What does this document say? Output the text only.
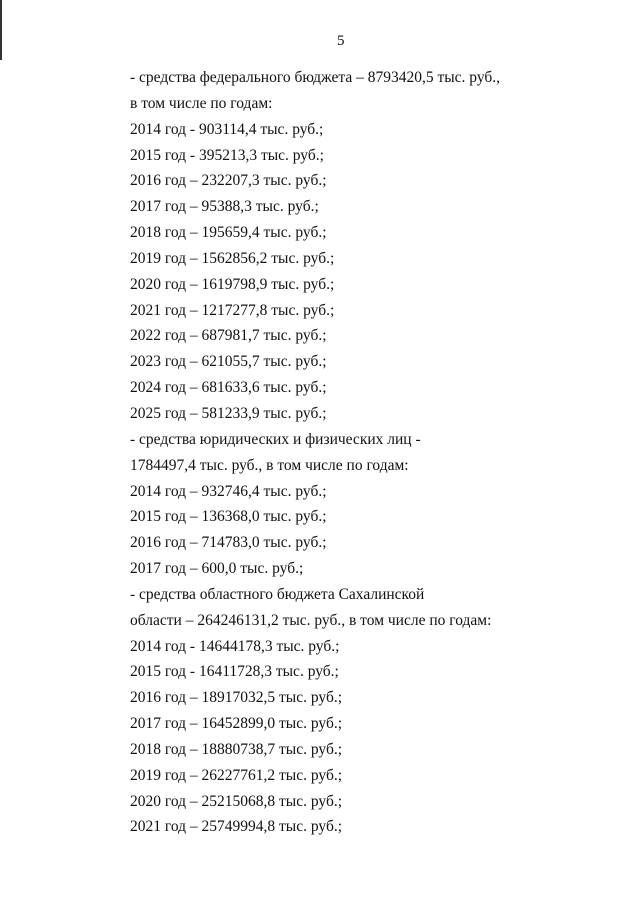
5
- средства федерального бюджета – 8793420,5 тыс. руб.,
в том числе по годам:
2014 год - 903114,4 тыс. руб.;
2015 год - 395213,3 тыс. руб.;
2016 год – 232207,3 тыс. руб.;
2017 год – 95388,3 тыс. руб.;
2018 год – 195659,4 тыс. руб.;
2019 год – 1562856,2 тыс. руб.;
2020 год – 1619798,9 тыс. руб.;
2021 год – 1217277,8 тыс. руб.;
2022 год – 687981,7 тыс. руб.;
2023 год – 621055,7 тыс. руб.;
2024 год – 681633,6 тыс. руб.;
2025 год – 581233,9 тыс. руб.;
- средства юридических и физических лиц -
1784497,4 тыс. руб., в том числе по годам:
2014 год – 932746,4 тыс. руб.;
2015 год – 136368,0 тыс. руб.;
2016 год – 714783,0 тыс. руб.;
2017 год – 600,0 тыс. руб.;
- средства областного бюджета Сахалинской
области – 264246131,2 тыс. руб., в том числе по годам:
2014 год - 14644178,3 тыс. руб.;
2015 год - 16411728,3 тыс. руб.;
2016 год – 18917032,5 тыс. руб.;
2017 год – 16452899,0 тыс. руб.;
2018 год – 18880738,7 тыс. руб.;
2019 год – 26227761,2 тыс. руб.;
2020 год – 25215068,8 тыс. руб.;
2021 год – 25749994,8 тыс. руб.;
